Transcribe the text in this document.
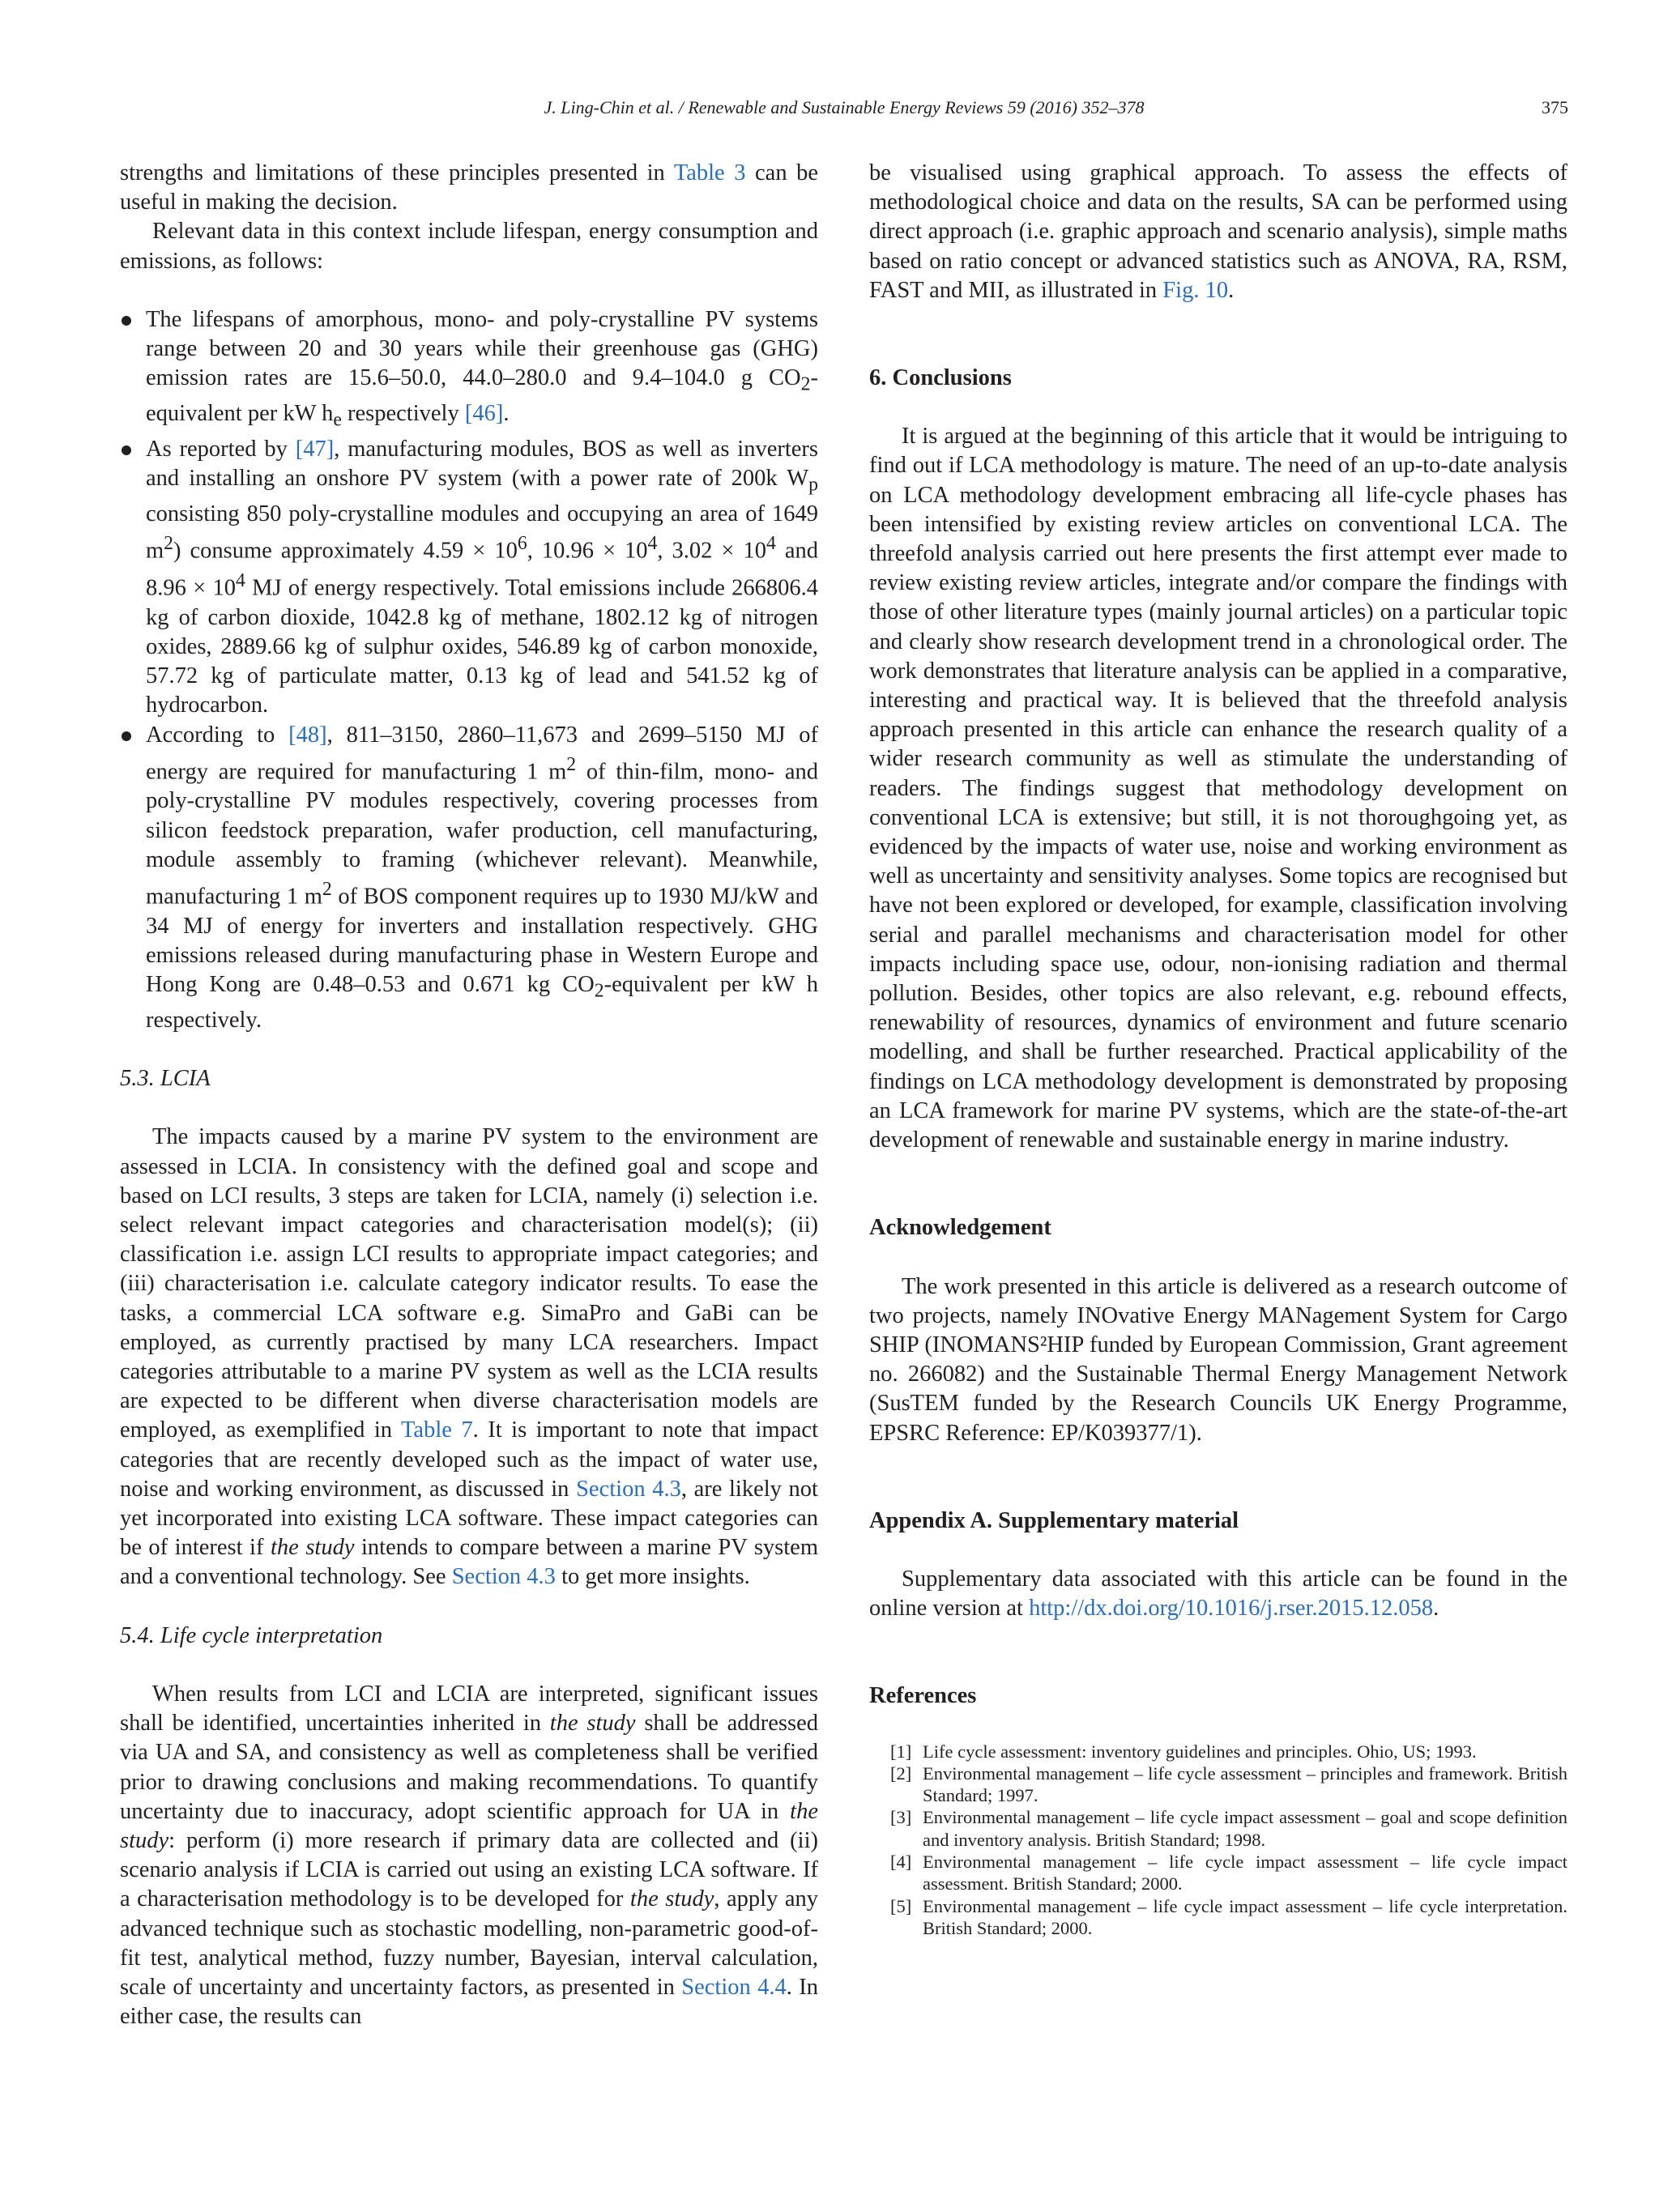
J. Ling-Chin et al. / Renewable and Sustainable Energy Reviews 59 (2016) 352–378	375

strengths and limitations of these principles presented in Table 3 can be useful in making the decision.

Relevant data in this context include lifespan, energy consumption and emissions, as follows:

The lifespans of amorphous, mono- and poly-crystalline PV systems range between 20 and 30 years while their greenhouse gas (GHG) emission rates are 15.6–50.0, 44.0–280.0 and 9.4–104.0 g $CO_2$-equivalent per kW $h_e$ respectively [46].
As reported by [47], manufacturing modules, BOS as well as inverters and installing an onshore PV system (with a power rate of 200k $W_p$ consisting 850 poly-crystalline modules and occupying an area of 1649 $m^2$) consume approximately $4.59 \times 10^6$, $10.96 \times 10^4$, $3.02 \times 10^4$ and $8.96 \times 10^4$ MJ of energy respectively. Total emissions include 266806.4 kg of carbon dioxide, 1042.8 kg of methane, 1802.12 kg of nitrogen oxides, 2889.66 kg of sulphur oxides, 546.89 kg of carbon monoxide, 57.72 kg of particulate matter, 0.13 kg of lead and 541.52 kg of hydrocarbon.
According to [48], 811–3150, 2860–11,673 and 2699–5150 MJ of energy are required for manufacturing 1 $m^2$ of thin-film, mono- and poly-crystalline PV modules respectively, covering processes from silicon feedstock preparation, wafer production, cell manufacturing, module assembly to framing (whichever relevant). Meanwhile, manufacturing 1 $m^2$ of BOS component requires up to 1930 MJ/kW and 34 MJ of energy for inverters and installation respectively. GHG emissions released during manufacturing phase in Western Europe and Hong Kong are 0.48–0.53 and 0.671 kg $CO_2$-equivalent per kW h respectively.

5.3. LCIA

The impacts caused by a marine PV system to the environment are assessed in LCIA. In consistency with the defined goal and scope and based on LCI results, 3 steps are taken for LCIA, namely (i) selection i.e. select relevant impact categories and characterisation model(s); (ii) classification i.e. assign LCI results to appropriate impact categories; and (iii) characterisation i.e. calculate category indicator results. To ease the tasks, a commercial LCA software e.g. SimaPro and GaBi can be employed, as currently practised by many LCA researchers. Impact categories attributable to a marine PV system as well as the LCIA results are expected to be different when diverse characterisation models are employed, as exemplified in Table 7. It is important to note that impact categories that are recently developed such as the impact of water use, noise and working environment, as discussed in Section 4.3, are likely not yet incorporated into existing LCA software. These impact categories can be of interest if the study intends to compare between a marine PV system and a conventional technology. See Section 4.3 to get more insights.

5.4. Life cycle interpretation

When results from LCI and LCIA are interpreted, significant issues shall be identified, uncertainties inherited in the study shall be addressed via UA and SA, and consistency as well as completeness shall be verified prior to drawing conclusions and making recommendations. To quantify uncertainty due to inaccuracy, adopt scientific approach for UA in the study: perform (i) more research if primary data are collected and (ii) scenario analysis if LCIA is carried out using an existing LCA software. If a characterisation methodology is to be developed for the study, apply any advanced technique such as stochastic modelling, non-parametric good-of-fit test, analytical method, fuzzy number, Bayesian, interval calculation, scale of uncertainty and uncertainty factors, as presented in Section 4.4. In either case, the results can

be visualised using graphical approach. To assess the effects of methodological choice and data on the results, SA can be performed using direct approach (i.e. graphic approach and scenario analysis), simple maths based on ratio concept or advanced statistics such as ANOVA, RA, RSM, FAST and MII, as illustrated in Fig. 10.

6. Conclusions

It is argued at the beginning of this article that it would be intriguing to find out if LCA methodology is mature. The need of an up-to-date analysis on LCA methodology development embracing all life-cycle phases has been intensified by existing review articles on conventional LCA. The threefold analysis carried out here presents the first attempt ever made to review existing review articles, integrate and/or compare the findings with those of other literature types (mainly journal articles) on a particular topic and clearly show research development trend in a chronological order. The work demonstrates that literature analysis can be applied in a comparative, interesting and practical way. It is believed that the threefold analysis approach presented in this article can enhance the research quality of a wider research community as well as stimulate the understanding of readers. The findings suggest that methodology development on conventional LCA is extensive; but still, it is not thoroughgoing yet, as evidenced by the impacts of water use, noise and working environment as well as uncertainty and sensitivity analyses. Some topics are recognised but have not been explored or developed, for example, classification involving serial and parallel mechanisms and characterisation model for other impacts including space use, odour, non-ionising radiation and thermal pollution. Besides, other topics are also relevant, e.g. rebound effects, renewability of resources, dynamics of environment and future scenario modelling, and shall be further researched. Practical applicability of the findings on LCA methodology development is demonstrated by proposing an LCA framework for marine PV systems, which are the state-of-the-art development of renewable and sustainable energy in marine industry.

Acknowledgement

The work presented in this article is delivered as a research outcome of two projects, namely INOvative Energy MANagement System for Cargo SHIP (INOMANS²HIP funded by European Commission, Grant agreement no. 266082) and the Sustainable Thermal Energy Management Network (SusTEM funded by the Research Councils UK Energy Programme, EPSRC Reference: EP/K039377/1).

Appendix A. Supplementary material

Supplementary data associated with this article can be found in the online version at http://dx.doi.org/10.1016/j.rser.2015.12.058.

References

[1] Life cycle assessment: inventory guidelines and principles. Ohio, US; 1993.
[2] Environmental management – life cycle assessment – principles and framework. British Standard; 1997.
[3] Environmental management – life cycle impact assessment – goal and scope definition and inventory analysis. British Standard; 1998.
[4] Environmental management – life cycle impact assessment – life cycle impact assessment. British Standard; 2000.
[5] Environmental management – life cycle impact assessment – life cycle interpretation. British Standard; 2000.
